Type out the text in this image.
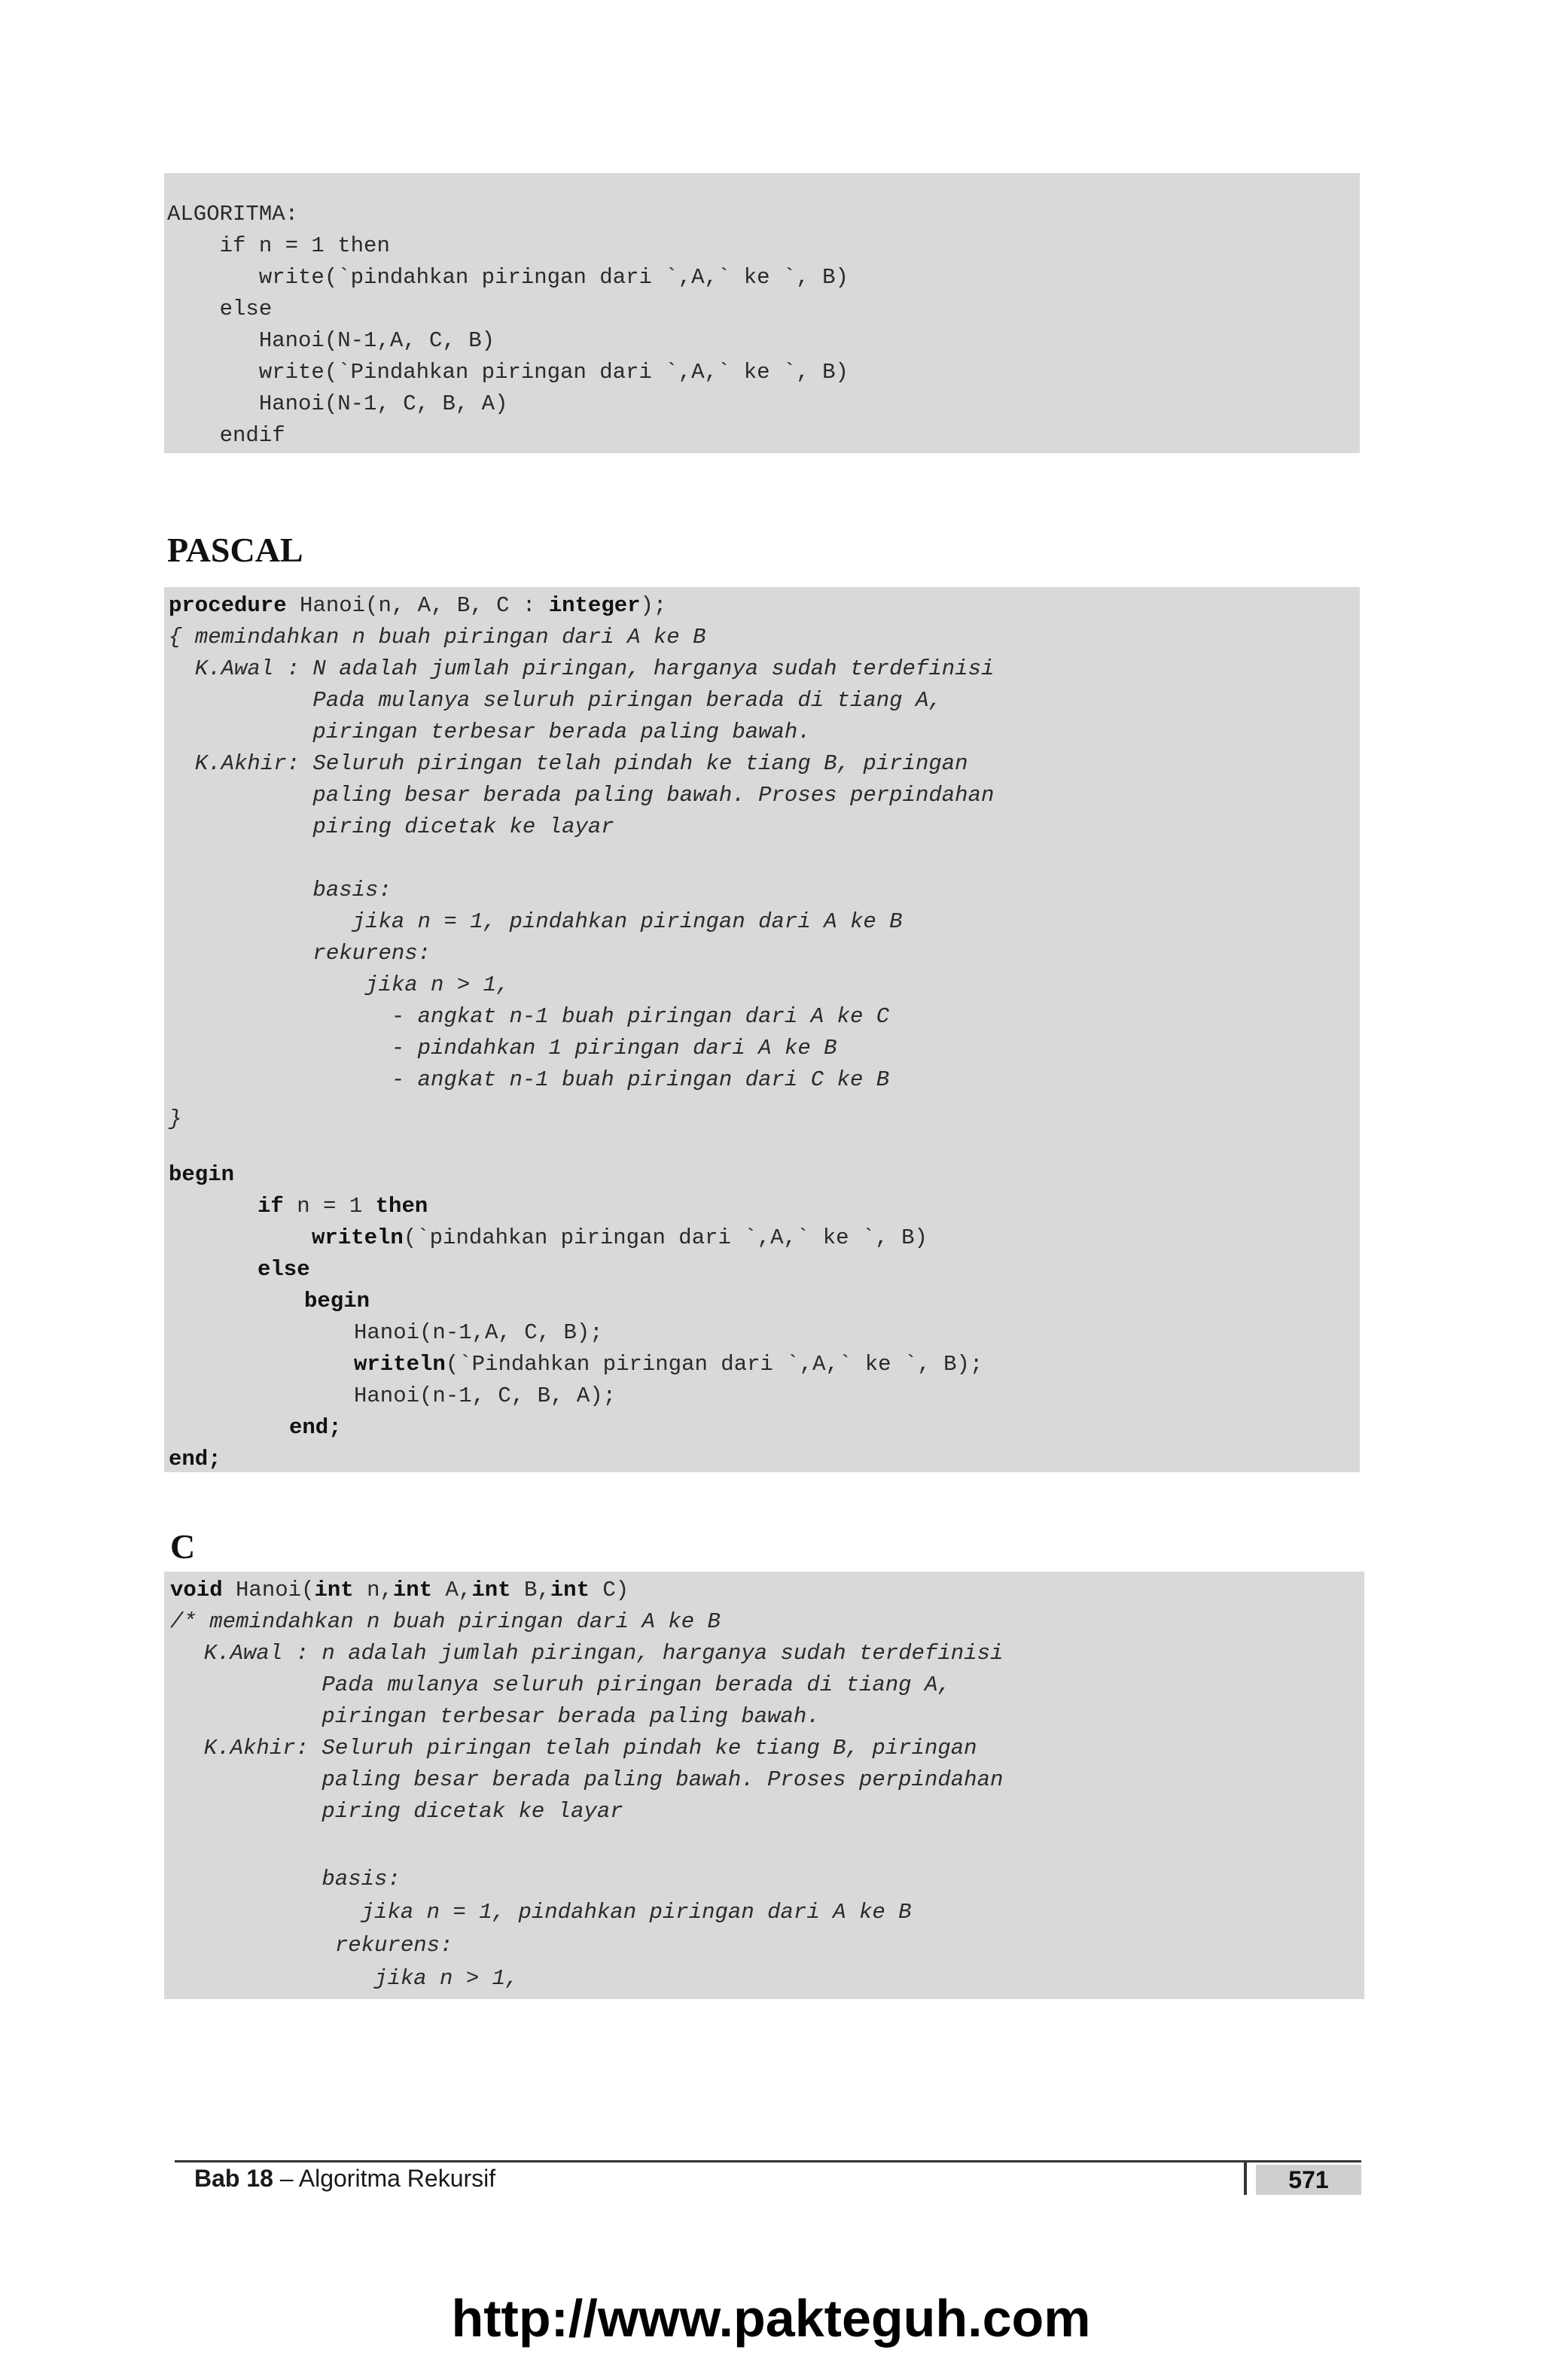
ALGORITMA:
if n = 1 then
write(`pindahkan piringan dari `,A,` ke `, B)
else
Hanoi(N-1,A, C, B)
write(`Pindahkan piringan dari `,A,` ke `, B)
Hanoi(N-1, C, B, A)
endif
PASCAL
procedure Hanoi(n, A, B, C : integer);
{ memindahkan n buah piringan dari A ke B
K.Awal : N adalah jumlah piringan, harganya sudah terdefinisi
Pada mulanya seluruh piringan berada di tiang A,
piringan terbesar berada paling bawah.
K.Akhir: Seluruh piringan telah pindah ke tiang B, piringan
paling besar berada paling bawah. Proses perpindahan
piring dicetak ke layar
basis:
jika n = 1, pindahkan piringan dari A ke B
rekurens:
jika n > 1,
- angkat n-1 buah piringan dari A ke C
- pindahkan 1 piringan dari A ke B
- angkat n-1 buah piringan dari C ke B
}
begin
if n = 1 then
writeln(`pindahkan piringan dari `,A,` ke `, B)
else
begin
Hanoi(n-1,A, C, B);
writeln(`Pindahkan piringan dari `,A,` ke `, B);
Hanoi(n-1, C, B, A);
end;
end;
C
void Hanoi(int n,int A,int B,int C)
/* memindahkan n buah piringan dari A ke B
K.Awal : n adalah jumlah piringan, harganya sudah terdefinisi
Pada mulanya seluruh piringan berada di tiang A,
piringan terbesar berada paling bawah.
K.Akhir: Seluruh piringan telah pindah ke tiang B, piringan
paling besar berada paling bawah. Proses perpindahan
piring dicetak ke layar
basis:
jika n = 1, pindahkan piringan dari A ke B
rekurens:
jika n > 1,
Bab 18 – Algoritma Rekursif	571
http://www.pakteguh.com
